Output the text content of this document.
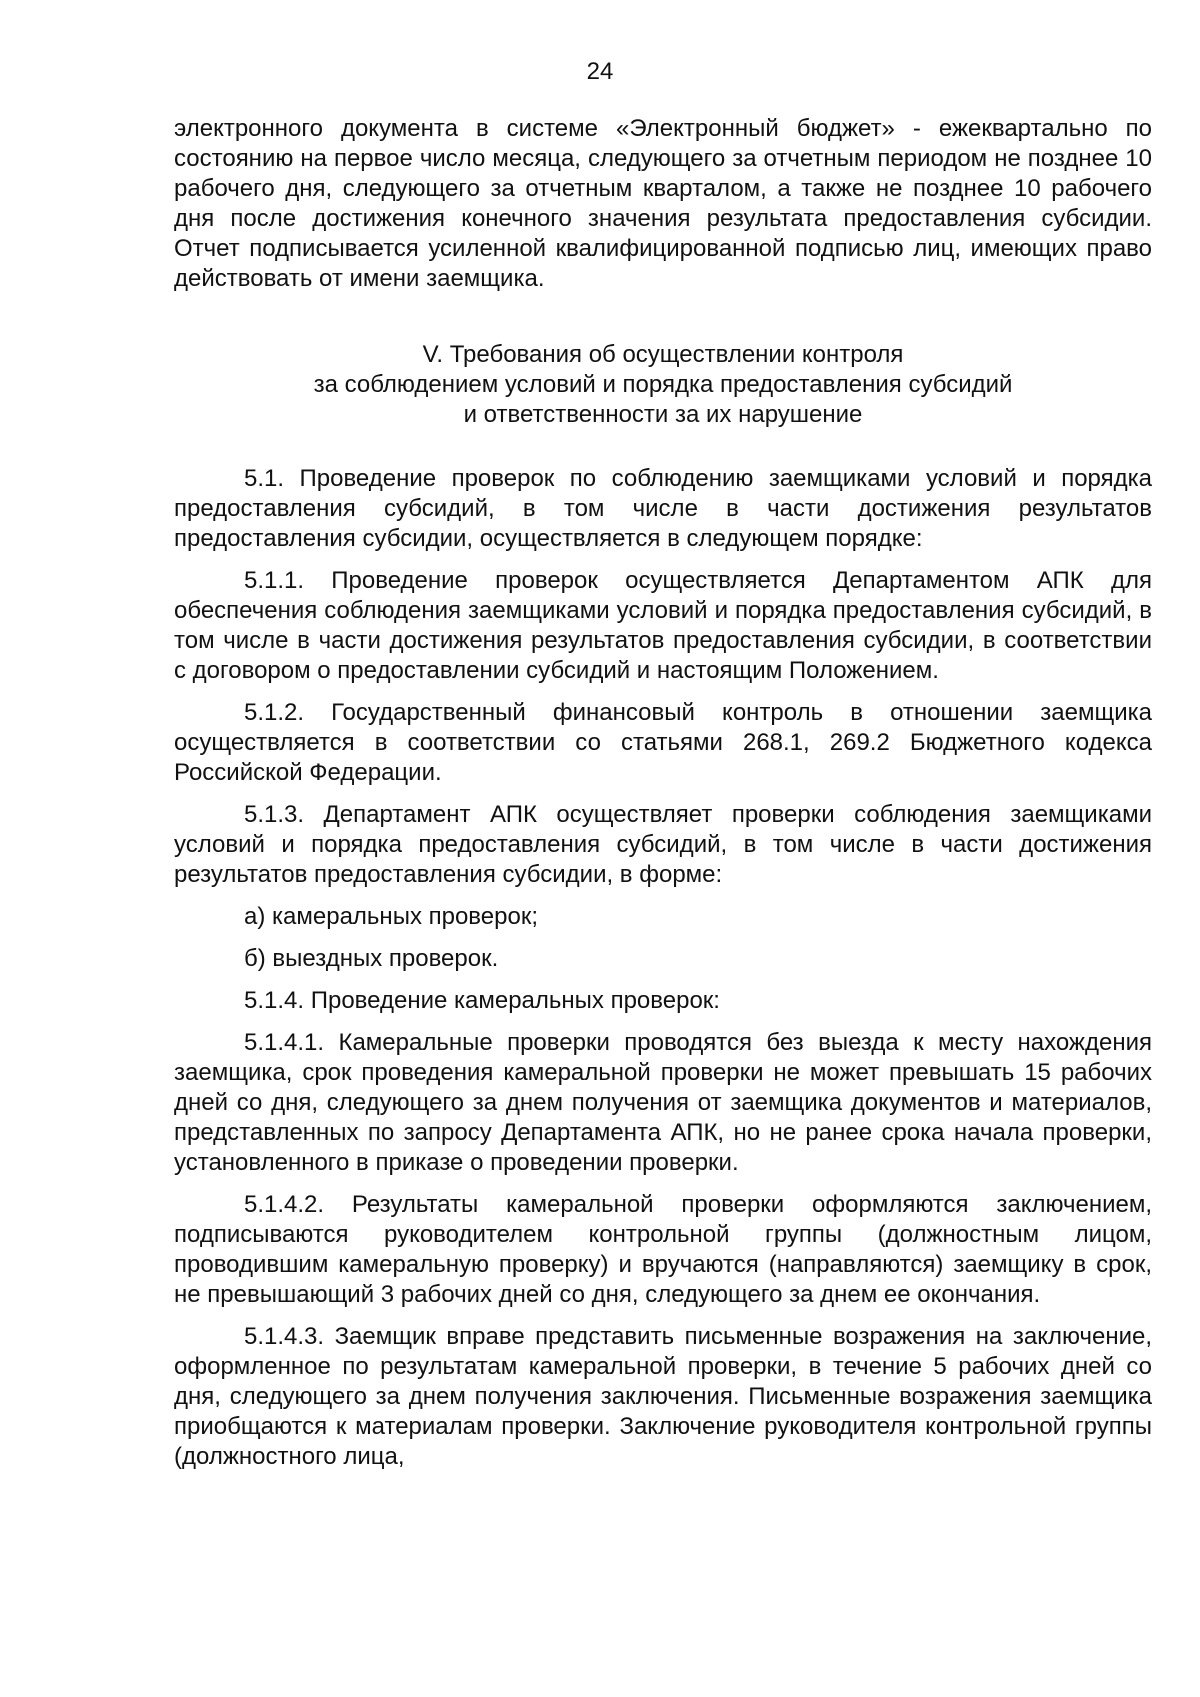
24

электронного документа в системе «Электронный бюджет» - ежеквартально по состоянию на первое число месяца, следующего за отчетным периодом не позднее 10 рабочего дня, следующего за отчетным кварталом, а также не позднее 10 рабочего дня после достижения конечного значения результата предоставления субсидии. Отчет подписывается усиленной квалифицированной подписью лиц, имеющих право действовать от имени заемщика.

V. Требования об осуществлении контроля
за соблюдением условий и порядка предоставления субсидий
и ответственности за их нарушение

5.1. Проведение проверок по соблюдению заемщиками условий и порядка предоставления субсидий, в том числе в части достижения результатов предоставления субсидии, осуществляется в следующем порядке:

5.1.1. Проведение проверок осуществляется Департаментом АПК для обеспечения соблюдения заемщиками условий и порядка предоставления субсидий, в том числе в части достижения результатов предоставления субсидии, в соответствии с договором о предоставлении субсидий и настоящим Положением.

5.1.2. Государственный финансовый контроль в отношении заемщика осуществляется в соответствии со статьями 268.1, 269.2 Бюджетного кодекса Российской Федерации.

5.1.3. Департамент АПК осуществляет проверки соблюдения заемщиками условий и порядка предоставления субсидий, в том числе в части достижения результатов предоставления субсидии, в форме:

а) камеральных проверок;

б) выездных проверок.

5.1.4. Проведение камеральных проверок:

5.1.4.1. Камеральные проверки проводятся без выезда к месту нахождения заемщика, срок проведения камеральной проверки не может превышать 15 рабочих дней со дня, следующего за днем получения от заемщика документов и материалов, представленных по запросу Департамента АПК, но не ранее срока начала проверки, установленного в приказе о проведении проверки.

5.1.4.2. Результаты камеральной проверки оформляются заключением, подписываются руководителем контрольной группы (должностным лицом, проводившим камеральную проверку) и вручаются (направляются) заемщику в срок, не превышающий 3 рабочих дней со дня, следующего за днем ее окончания.

5.1.4.3. Заемщик вправе представить письменные возражения на заключение, оформленное по результатам камеральной проверки, в течение 5 рабочих дней со дня, следующего за днем получения заключения. Письменные возражения заемщика приобщаются к материалам проверки. Заключение руководителя контрольной группы (должностного лица,
